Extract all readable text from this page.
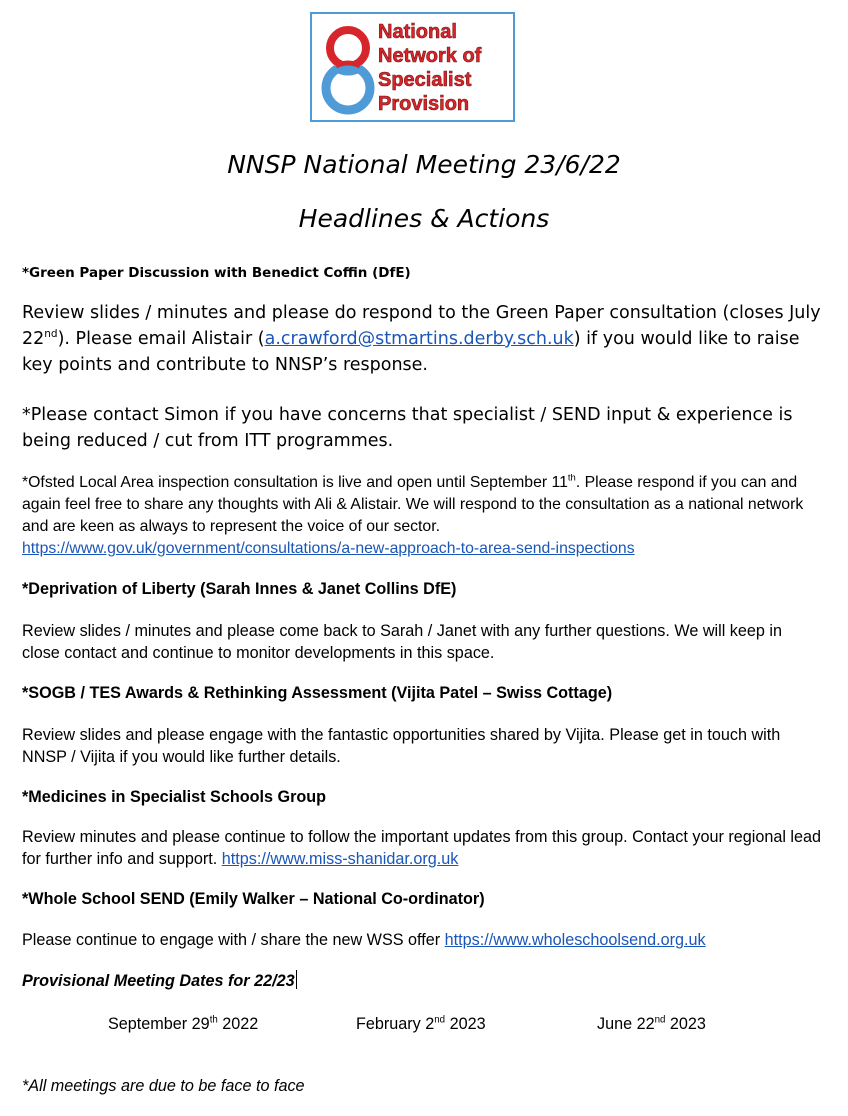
National
Network of
Specialist
Provision
NNSP National Meeting 23/6/22
Headlines & Actions
*Green Paper Discussion with Benedict Coffin (DfE)
Review slides / minutes and please do respond to the Green Paper consultation (closes July 22nd). Please email Alistair (a.crawford@stmartins.derby.sch.uk) if you would like to raise key points and contribute to NNSP’s response.
*Please contact Simon if you have concerns that specialist / SEND input & experience is being reduced / cut from ITT programmes.
*Ofsted Local Area inspection consultation is live and open until September 11th. Please respond if you can and again feel free to share any thoughts with Ali & Alistair. We will respond to the consultation as a national network and are keen as always to represent the voice of our sector.
https://www.gov.uk/government/consultations/a-new-approach-to-area-send-inspections
*Deprivation of Liberty (Sarah Innes & Janet Collins DfE)
Review slides / minutes and please come back to Sarah / Janet with any further questions. We will keep in close contact and continue to monitor developments in this space.
*SOGB / TES Awards & Rethinking Assessment (Vijita Patel – Swiss Cottage)
Review slides and please engage with the fantastic opportunities shared by Vijita. Please get in touch with NNSP / Vijita if you would like further details.
*Medicines in Specialist Schools Group
Review minutes and please continue to follow the important updates from this group. Contact your regional lead for further info and support. https://www.miss-shanidar.org.uk
*Whole School SEND (Emily Walker – National Co-ordinator)
Please continue to engage with / share the new WSS offer https://www.wholeschoolsend.org.uk
Provisional Meeting Dates for 22/23
September 29th 2022	February 2nd 2023	June 22nd 2023
*All meetings are due to be face to face
